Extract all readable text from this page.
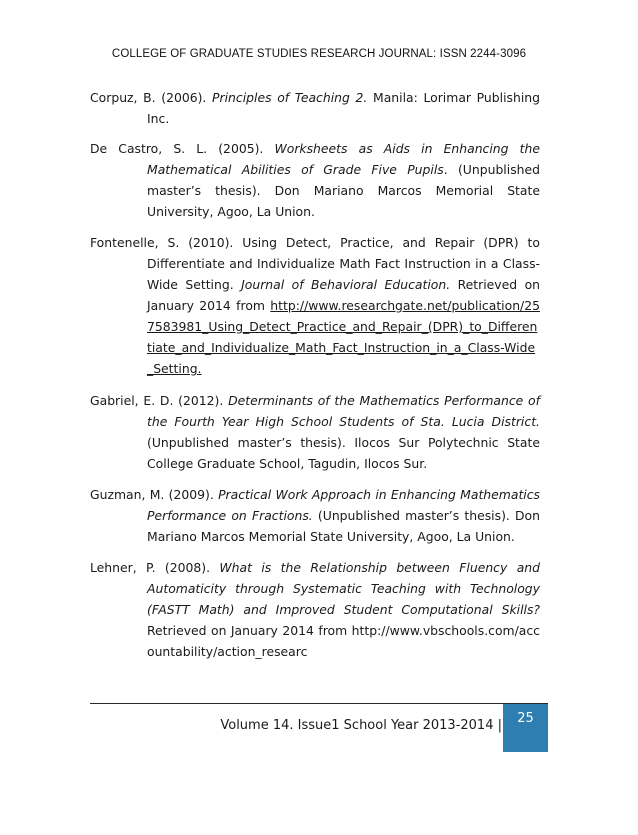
COLLEGE OF GRADUATE STUDIES RESEARCH JOURNAL: ISSN 2244-3096

Corpuz, B. (2006). Principles of Teaching 2. Manila: Lorimar Publishing Inc.

De Castro, S. L. (2005). Worksheets as Aids in Enhancing the Mathematical Abilities of Grade Five Pupils. (Unpublished master’s thesis). Don Mariano Marcos Memorial State University, Agoo, La Union.

Fontenelle, S. (2010). Using Detect, Practice, and Repair (DPR) to Differentiate and Individualize Math Fact Instruction in a Class-Wide Setting. Journal of Behavioral Education. Retrieved on January 2014 from http://www.researchgate.net/publication/257583981_Using_Detect_Practice_and_Repair_(DPR)_to_Differentiate_and_Individualize_Math_Fact_Instruction_in_a_Class-Wide_Setting.

Gabriel, E. D. (2012). Determinants of the Mathematics Performance of the Fourth Year High School Students of Sta. Lucia District. (Unpublished master’s thesis). Ilocos Sur Polytechnic State College Graduate School, Tagudin, Ilocos Sur.

Guzman, M. (2009). Practical Work Approach in Enhancing Mathematics Performance on Fractions. (Unpublished master’s thesis). Don Mariano Marcos Memorial State University, Agoo, La Union.

Lehner, P. (2008). What is the Relationship between Fluency and Automaticity through Systematic Teaching with Technology (FASTT Math) and Improved Student Computational Skills? Retrieved on January 2014 from http://www.vbschools.com/accountability/action_researc

Volume 14. Issue1 School Year 2013-2014 |	25
